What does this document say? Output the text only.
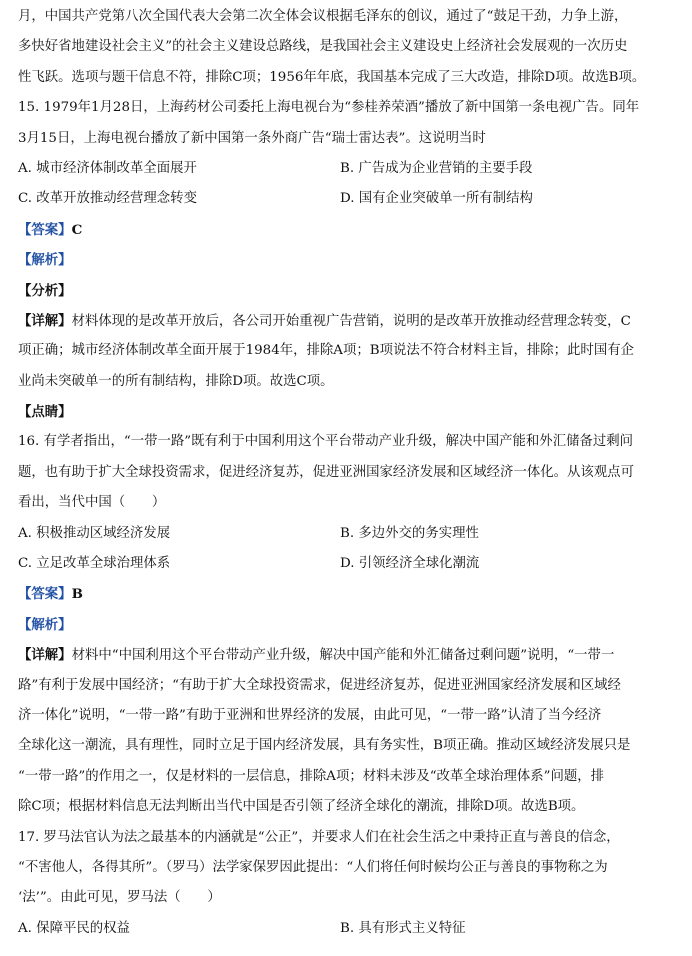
月，中国共产党第八次全国代表大会第二次全体会议根据毛泽东的创议，通过了“鼓足干劲，力争上游，
多快好省地建设社会主义”的社会主义建设总路线，是我国社会主义建设史上经济社会发展观的一次历史
性飞跃。选项与题干信息不符，排除C项；1956年年底，我国基本完成了三大改造，排除D项。故选B项。
15. 1979年1月28日，上海药材公司委托上海电视台为“参桂养荣酒”播放了新中国第一条电视广告。同年
3月15日，上海电视台播放了新中国第一条外商广告“瑞士雷达表”。这说明当时
A. 城市经济体制改革全面展开	B. 广告成为企业营销的主要手段
C. 改革开放推动经营理念转变	D. 国有企业突破单一所有制结构
【答案】C
【解析】
【分析】
【详解】材料体现的是改革开放后，各公司开始重视广告营销，说明的是改革开放推动经营理念转变，C
项正确；城市经济体制改革全面开展于1984年，排除A项；B项说法不符合材料主旨，排除；此时国有企
业尚未突破单一的所有制结构，排除D项。故选C项。
【点睛】
16. 有学者指出，“一带一路”既有利于中国利用这个平台带动产业升级，解决中国产能和外汇储备过剩问
题，也有助于扩大全球投资需求，促进经济复苏，促进亚洲国家经济发展和区域经济一体化。从该观点可
看出，当代中国（　　）
A. 积极推动区域经济发展	B. 多边外交的务实理性
C. 立足改革全球治理体系	D. 引领经济全球化潮流
【答案】B
【解析】
【详解】材料中“中国利用这个平台带动产业升级，解决中国产能和外汇储备过剩问题”说明，“一带一
路”有利于发展中国经济；“有助于扩大全球投资需求，促进经济复苏，促进亚洲国家经济发展和区域经
济一体化”说明，“一带一路”有助于亚洲和世界经济的发展，由此可见，“一带一路”认清了当今经济
全球化这一潮流，具有理性，同时立足于国内经济发展，具有务实性，B项正确。推动区域经济发展只是
“一带一路”的作用之一，仅是材料的一层信息，排除A项；材料未涉及“改革全球治理体系”问题，排
除C项；根据材料信息无法判断出当代中国是否引领了经济全球化的潮流，排除D项。故选B项。
17. 罗马法官认为法之最基本的内涵就是“公正”，并要求人们在社会生活之中秉持正直与善良的信念，
“不害他人，各得其所”。（罗马）法学家保罗因此提出：“人们将任何时候均公正与善良的事物称之为
‘法’”。由此可见，罗马法（　　）
A. 保障平民的权益	B. 具有形式主义特征
